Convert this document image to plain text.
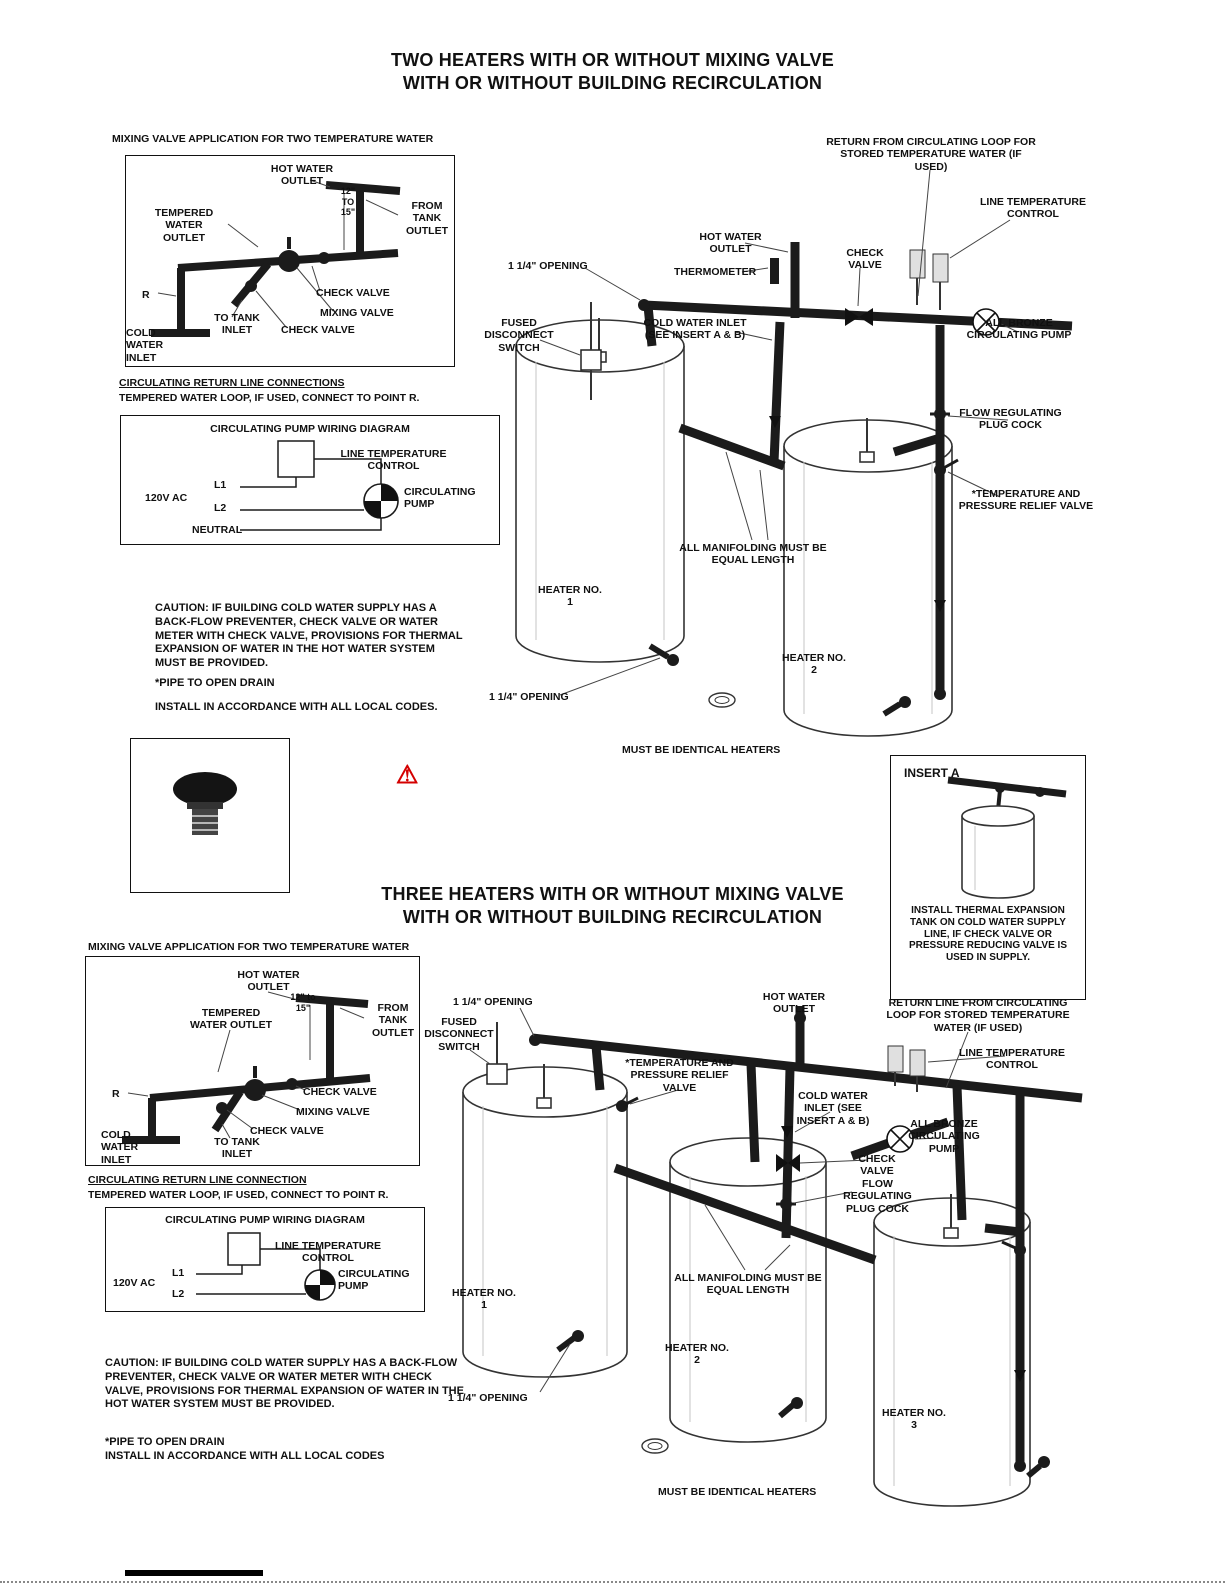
TWO HEATERS WITH OR WITHOUT MIXING VALVE
WITH OR WITHOUT BUILDING RECIRCULATION
THREE HEATERS WITH OR WITHOUT MIXING VALVE
WITH OR WITHOUT BUILDING RECIRCULATION
MIXING VALVE APPLICATION FOR TWO TEMPERATURE WATER
HOT WATER OUTLET
12" TO 15"
FROM TANK OUTLET
TEMPERED WATER OUTLET
R
TO TANK INLET
CHECK VALVE
MIXING VALVE
CHECK VALVE
COLD WATER INLET
CIRCULATING RETURN LINE CONNECTIONS
TEMPERED WATER LOOP, IF USED, CONNECT TO POINT R.
CIRCULATING PUMP WIRING DIAGRAM
LINE TEMPERATURE CONTROL
L1
L2
120V AC
NEUTRAL
CIRCULATING PUMP
RETURN FROM CIRCULATING LOOP FOR STORED TEMPERATURE WATER (IF USED)
LINE TEMPERATURE CONTROL
HOT WATER OUTLET	CHECK VALVE
1 1/4" OPENING	THERMOMETER
FUSED DISCONNECT SWITCH
COLD WATER INLET (SEE INSERT A & B)
ALL BRONZE CIRCULATING PUMP
FLOW REGULATING PLUG COCK
*TEMPERATURE AND PRESSURE RELIEF VALVE
ALL MANIFOLDING MUST BE EQUAL LENGTH
HEATER NO. 1
HEATER NO. 2
1 1/4" OPENING
MUST BE IDENTICAL HEATERS
CAUTION: IF BUILDING COLD WATER SUPPLY HAS A BACK-FLOW PREVENTER, CHECK VALVE OR WATER METER WITH CHECK VALVE, PROVISIONS FOR THERMAL EXPANSION OF WATER IN THE HOT WATER SYSTEM MUST BE PROVIDED.
*PIPE TO OPEN DRAIN
INSTALL IN ACCORDANCE WITH ALL LOCAL CODES.
⚠	INSERT A
INSTALL THERMAL EXPANSION TANK ON COLD WATER SUPPLY LINE, IF CHECK VALVE OR PRESSURE REDUCING VALVE IS USED IN SUPPLY.
MIXING VALVE APPLICATION FOR TWO TEMPERATURE WATER
HOT WATER OUTLET
12" to 15"	FROM TANK OUTLET
TEMPERED WATER OUTLET
R	CHECK VALVE
MIXING VALVE
CHECK VALVE
COLD WATER INLET
TO TANK INLET
CIRCULATING RETURN LINE CONNECTION
TEMPERED WATER LOOP, IF USED, CONNECT TO POINT R.
CIRCULATING PUMP WIRING DIAGRAM
LINE TEMPERATURE CONTROL
L1
L2
120V AC
CIRCULATING PUMP
1 1/4" OPENING
FUSED DISCONNECT SWITCH
HOT WATER OUTLET
RETURN LINE FROM CIRCULATING LOOP FOR STORED TEMPERATURE WATER (IF USED)
LINE TEMPERATURE CONTROL
*TEMPERATURE AND PRESSURE RELIEF VALVE
COLD WATER INLET (SEE INSERT A & B)	ALL BRONZE CIRCULATING PUMP
CHECK VALVE
FLOW REGULATING PLUG COCK
ALL MANIFOLDING MUST BE EQUAL LENGTH
HEATER NO. 1
HEATER NO. 2
1 1/4" OPENING
HEATER NO. 3
MUST BE IDENTICAL HEATERS
CAUTION: IF BUILDING COLD WATER SUPPLY HAS A BACK-FLOW PREVENTER, CHECK VALVE OR WATER METER WITH CHECK VALVE, PROVISIONS FOR THERMAL EXPANSION OF WATER IN THE HOT WATER SYSTEM MUST BE PROVIDED.
*PIPE TO OPEN DRAIN
INSTALL IN ACCORDANCE WITH ALL LOCAL CODES
